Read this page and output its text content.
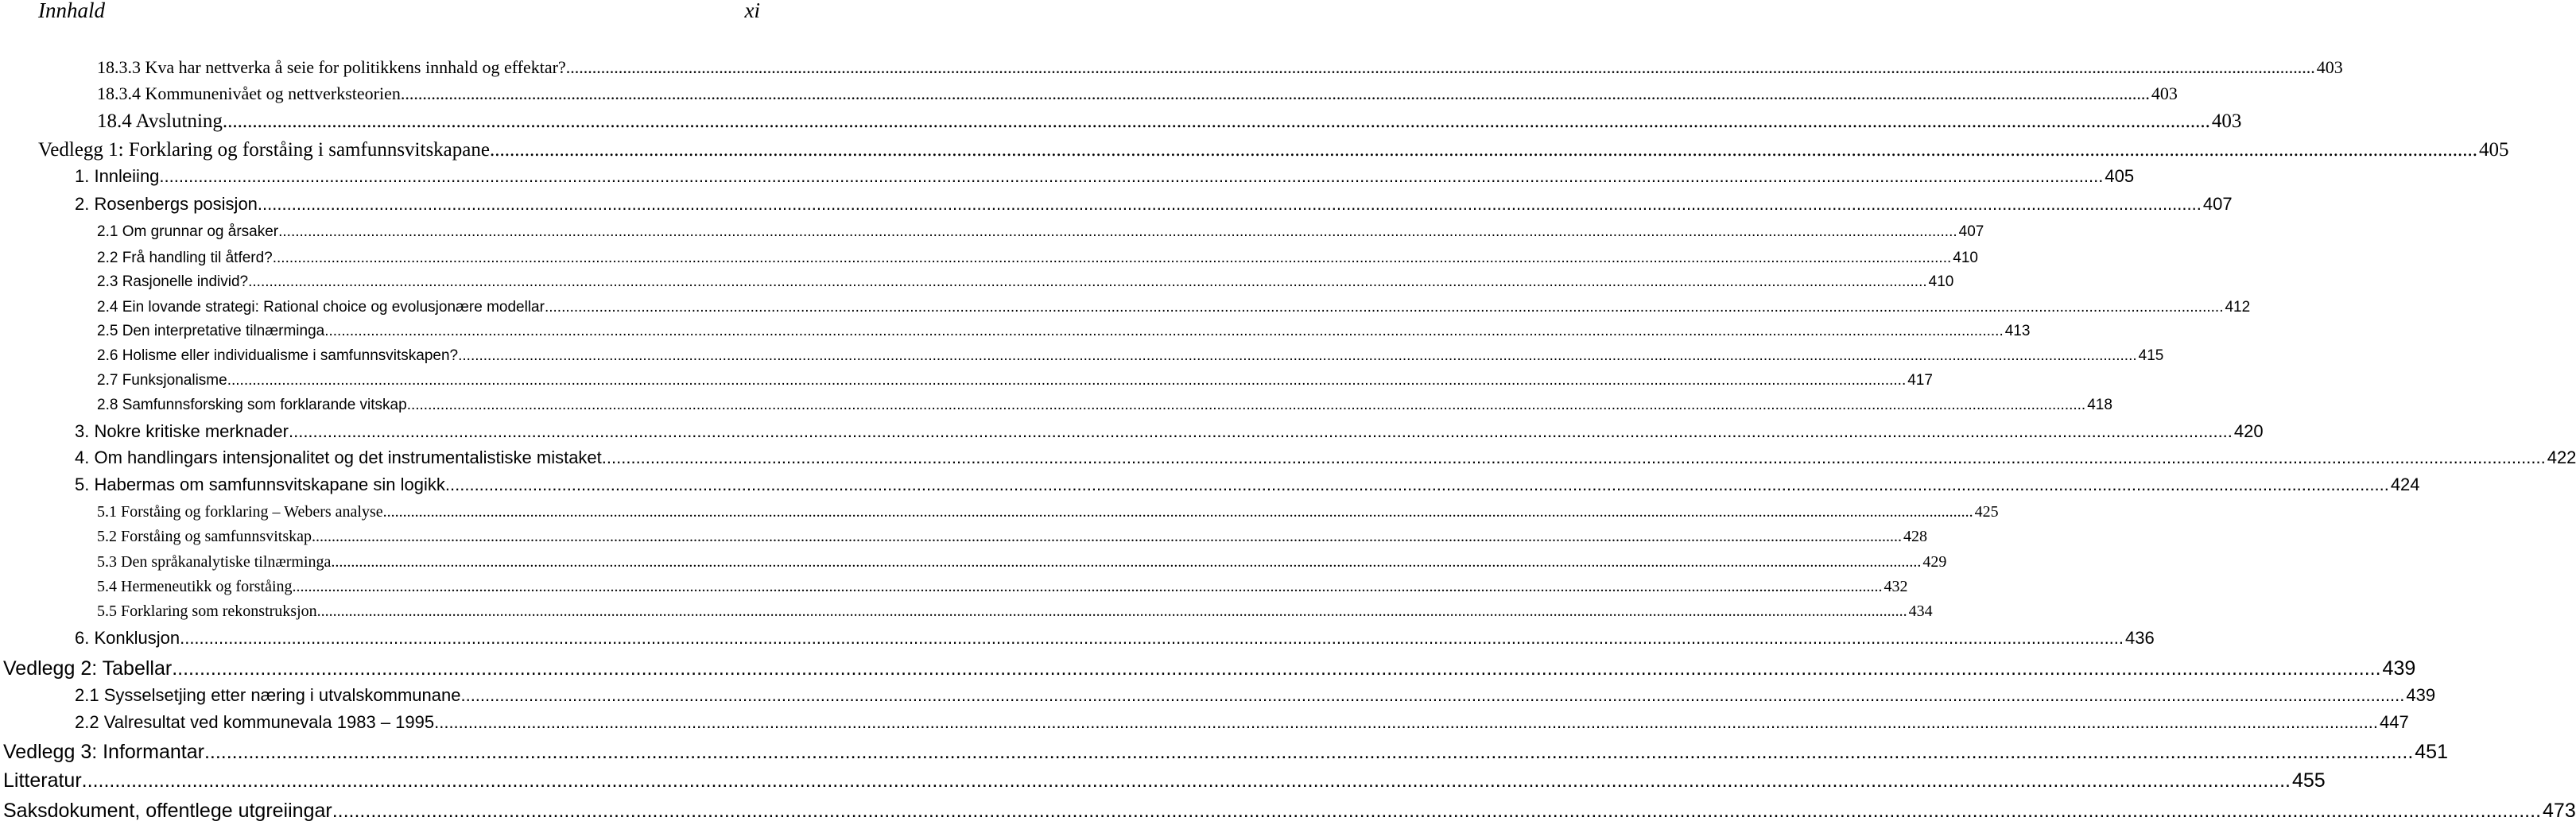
Innhald	xi
18.3.3 Kva har nettverka å seie for politikkens innhald og effektar? ................................................................................................................................................................................................................................................................................................................................................................................................................ 403
18.3.4 Kommunenivået og nettverksteorien ................................................................................................................................................................................................................................................................................................................................................................................................................ 403
18.4 Avslutning ................................................................................................................................................................................................................................................................................................................................................................................................................ 403
Vedlegg 1: Forklaring og forståing i samfunnsvitskapane ................................................................................................................................................................................................................................................................................................................................................................................................................ 405
1. Innleiing ................................................................................................................................................................................................................................................................................................................................................................................................................ 405
2. Rosenbergs posisjon ................................................................................................................................................................................................................................................................................................................................................................................................................ 407
2.1 Om grunnar og årsaker ................................................................................................................................................................................................................................................................................................................................................................................................................ 407
2.2 Frå handling til åtferd? ................................................................................................................................................................................................................................................................................................................................................................................................................ 410
2.3 Rasjonelle individ? ................................................................................................................................................................................................................................................................................................................................................................................................................ 410
2.4 Ein lovande strategi: Rational choice og evolusjonære modellar ................................................................................................................................................................................................................................................................................................................................................................................................................ 412
2.5 Den interpretative tilnærminga ................................................................................................................................................................................................................................................................................................................................................................................................................ 413
2.6 Holisme eller individualisme i samfunnsvitskapen? ................................................................................................................................................................................................................................................................................................................................................................................................................ 415
2.7 Funksjonalisme ................................................................................................................................................................................................................................................................................................................................................................................................................ 417
2.8 Samfunnsforsking som forklarande vitskap ................................................................................................................................................................................................................................................................................................................................................................................................................ 418
3. Nokre kritiske merknader ................................................................................................................................................................................................................................................................................................................................................................................................................ 420
4. Om handlingars intensjonalitet og det instrumentalistiske mistaket ................................................................................................................................................................................................................................................................................................................................................................................................................ 422
5. Habermas om samfunnsvitskapane sin logikk ................................................................................................................................................................................................................................................................................................................................................................................................................ 424
5.1 Forståing og forklaring – Webers analyse ................................................................................................................................................................................................................................................................................................................................................................................................................ 425
5.2 Forståing og samfunnsvitskap ................................................................................................................................................................................................................................................................................................................................................................................................................ 428
5.3 Den språkanalytiske tilnærminga ................................................................................................................................................................................................................................................................................................................................................................................................................ 429
5.4 Hermeneutikk og forståing ................................................................................................................................................................................................................................................................................................................................................................................................................ 432
5.5 Forklaring som rekonstruksjon ................................................................................................................................................................................................................................................................................................................................................................................................................ 434
6. Konklusjon ................................................................................................................................................................................................................................................................................................................................................................................................................ 436
Vedlegg 2: Tabellar ................................................................................................................................................................................................................................................................................................................................................................................................................ 439
2.1 Sysselsetjing etter næring i utvalskommunane ................................................................................................................................................................................................................................................................................................................................................................................................................ 439
2.2 Valresultat ved kommunevala 1983 – 1995 ................................................................................................................................................................................................................................................................................................................................................................................................................ 447
Vedlegg 3: Informantar ................................................................................................................................................................................................................................................................................................................................................................................................................ 451
Litteratur ................................................................................................................................................................................................................................................................................................................................................................................................................ 455
Saksdokument, offentlege utgreiingar ................................................................................................................................................................................................................................................................................................................................................................................................................ 473
